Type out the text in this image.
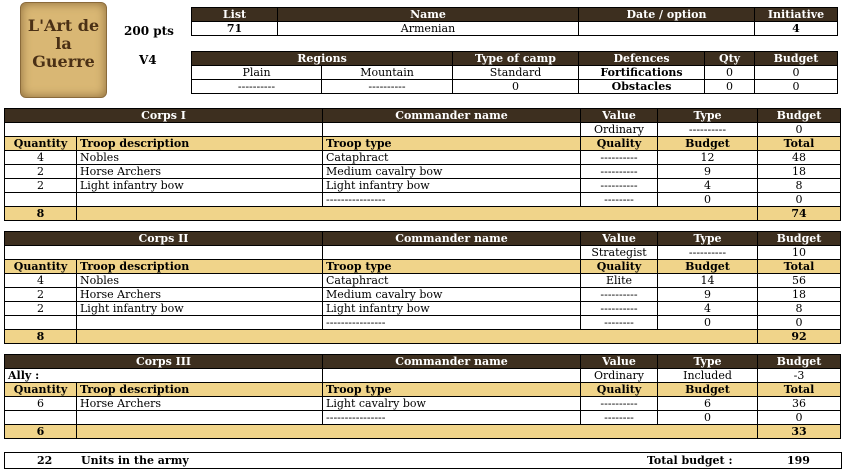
L'Art de la Guerre
200 pts
V4
List	Name	Date / option	Initiative
71	Armenian		4
Regions		Type of camp	Defences	Qty	Budget
Plain	Mountain	Standard	Fortifications	0	0
----------	----------	0	Obstacles	0	0
Corps I		Commander name	Value	Type	Budget
			Ordinary	----------	0
Quantity	Troop description	Troop type	Quality	Budget	Total
4	Nobles	Cataphract	----------	12	48
2	Horse Archers	Medium cavalry bow	----------	9	18
2	Light infantry bow	Light infantry bow	----------	4	8
		----------------	--------	0	0
8					74
Corps II		Commander name	Value	Type	Budget
			Strategist	----------	10
Quantity	Troop description	Troop type	Quality	Budget	Total
4	Nobles	Cataphract	Elite	14	56
2	Horse Archers	Medium cavalry bow	----------	9	18
2	Light infantry bow	Light infantry bow	----------	4	8
		----------------	--------	0	0
8					92
Corps III		Commander name	Value	Type	Budget
Ally :			Ordinary	Included	-3
Quantity	Troop description	Troop type	Quality	Budget	Total
6	Horse Archers	Light cavalry bow	----------	6	36
		----------------	--------	0	0
6					33
22	Units in the army	Total budget :	199
